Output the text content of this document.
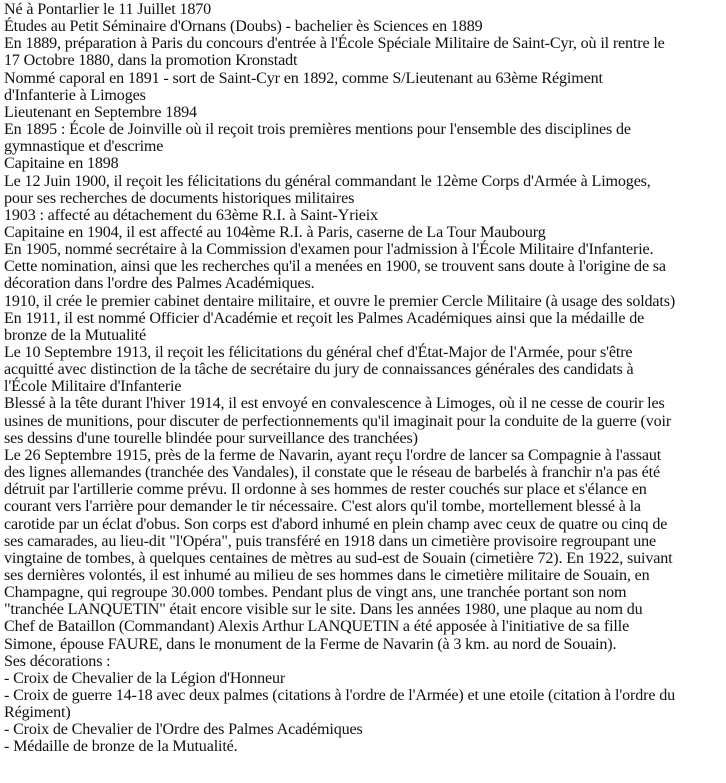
Né à Pontarlier le 11 Juillet 1870

Études au Petit Séminaire d'Ornans (Doubs) - bachelier ès Sciences en 1889

En 1889, préparation à Paris du concours d'entrée à l'École Spéciale Militaire de Saint-Cyr, où il rentre le

17 Octobre 1880, dans la promotion Kronstadt

Nommé caporal en 1891 - sort de Saint-Cyr en 1892, comme S/Lieutenant au 63ème Régiment

d'Infanterie à Limoges

Lieutenant en Septembre 1894

En 1895 : École de Joinville où il reçoit trois premières mentions pour l'ensemble des disciplines de

gymnastique et d'escrime

Capitaine en 1898

Le 12 Juin 1900, il reçoit les félicitations du général commandant le 12ème Corps d'Armée à Limoges,

pour ses recherches de documents historiques militaires

1903 : affecté au détachement du 63ème R.I. à Saint-Yrieix

Capitaine en 1904, il est affecté au 104ème R.I. à Paris, caserne de La Tour Maubourg

En 1905, nommé secrétaire à la Commission d'examen pour l'admission à l'École Militaire d'Infanterie.

Cette nomination, ainsi que les recherches qu'il a menées en 1900, se trouvent sans doute à l'origine de sa

décoration dans l'ordre des Palmes Académiques.

1910, il crée le premier cabinet dentaire militaire, et ouvre le premier Cercle Militaire (à usage des soldats)

En 1911, il est nommé Officier d'Académie et reçoit les Palmes Académiques ainsi que la médaille de

bronze de la Mutualité

Le 10 Septembre 1913, il reçoit les félicitations du général chef d'État-Major de l'Armée, pour s'être

acquitté avec distinction de la tâche de secrétaire du jury de connaissances générales des candidats à

l'École Militaire d'Infanterie

Blessé à la tête durant l'hiver 1914, il est envoyé en convalescence à Limoges, où il ne cesse de courir les

usines de munitions, pour discuter de perfectionnements qu'il imaginait pour la conduite de la guerre (voir

ses dessins d'une tourelle blindée pour surveillance des tranchées)

Le 26 Septembre 1915, près de la ferme de Navarin, ayant reçu l'ordre de lancer sa Compagnie à l'assaut

des lignes allemandes (tranchée des Vandales), il constate que le réseau de barbelés à franchir n'a pas été

détruit par l'artillerie comme prévu. Il ordonne à ses hommes de rester couchés sur place et s'élance en

courant vers l'arrière pour demander le tir nécessaire. C'est alors qu'il tombe, mortellement blessé à la

carotide par un éclat d'obus. Son corps est d'abord inhumé en plein champ avec ceux de quatre ou cinq de

ses camarades, au lieu-dit "l'Opéra", puis transféré en 1918 dans un cimetière provisoire regroupant une

vingtaine de tombes, à quelques centaines de mètres au sud-est de Souain (cimetière 72). En 1922, suivant

ses dernières volontés, il est inhumé au milieu de ses hommes dans le cimetière militaire de Souain, en

Champagne, qui regroupe 30.000 tombes. Pendant plus de vingt ans, une tranchée portant son nom

"tranchée LANQUETIN" était encore visible sur le site. Dans les années 1980, une plaque au nom du

Chef de Bataillon (Commandant) Alexis Arthur LANQUETIN a été apposée à l'initiative de sa fille

Simone, épouse FAURE, dans le monument de la Ferme de Navarin (à 3 km. au nord de Souain).

Ses décorations :

- Croix de Chevalier de la Légion d'Honneur

- Croix de guerre 14-18 avec deux palmes (citations à l'ordre de l'Armée) et une etoile (citation à l'ordre du

Régiment)

- Croix de Chevalier de l'Ordre des Palmes Académiques

- Médaille de bronze de la Mutualité.
